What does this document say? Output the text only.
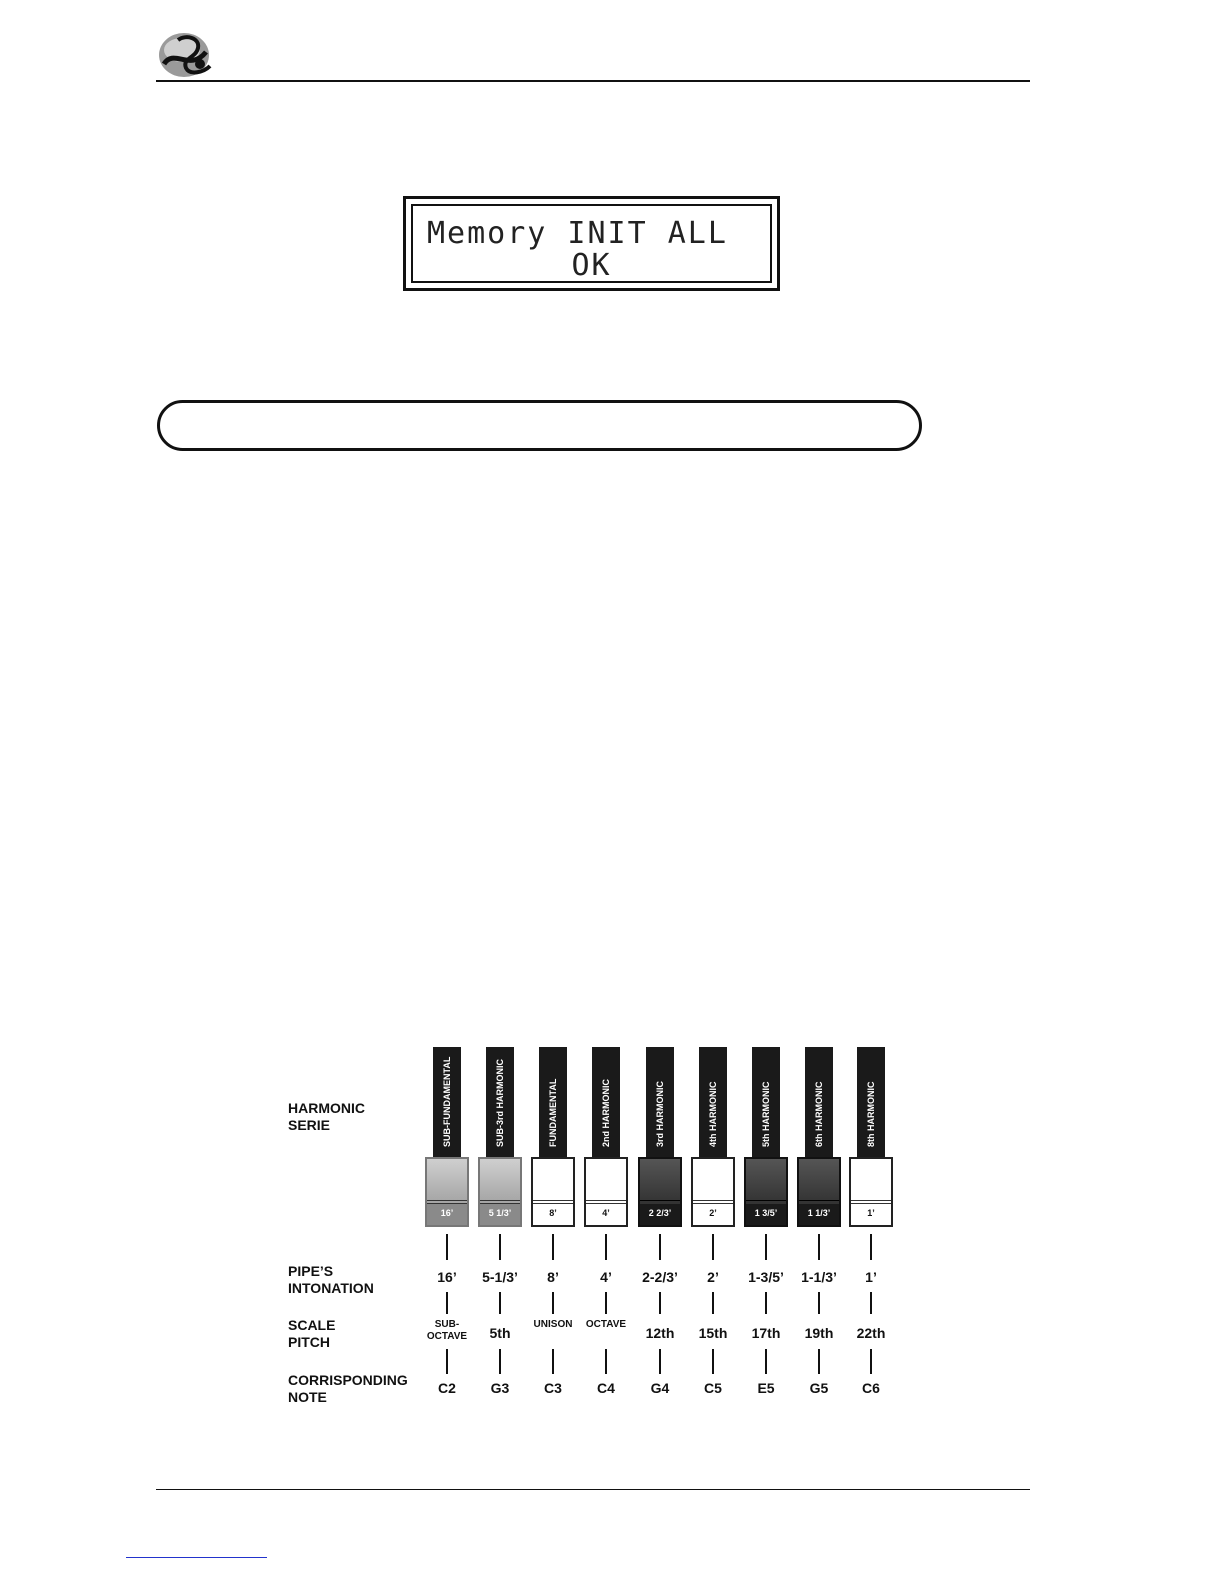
Memory INIT ALL
OK
HARMONIC
SERIE
PIPE’S
INTONATION
SCALE
PITCH
CORRISPONDING
NOTE
SUB-FUNDAMENTAL
16’
16’
SUB-
OCTAVE
C2
SUB-3rd HARMONIC
5 1/3’
5-1/3’
5th
G3
FUNDAMENTAL
8’
8’
UNISON
C3
2nd HARMONIC
4’
4’
OCTAVE
C4
3rd HARMONIC
2 2/3’
2-2/3’
12th
G4
4th HARMONIC
2’
2’
15th
C5
5th HARMONIC
1 3/5’
1-3/5’
17th
E5
6th HARMONIC
1 1/3’
1-1/3’
19th
G5
8th HARMONIC
1’
1’
22th
C6
